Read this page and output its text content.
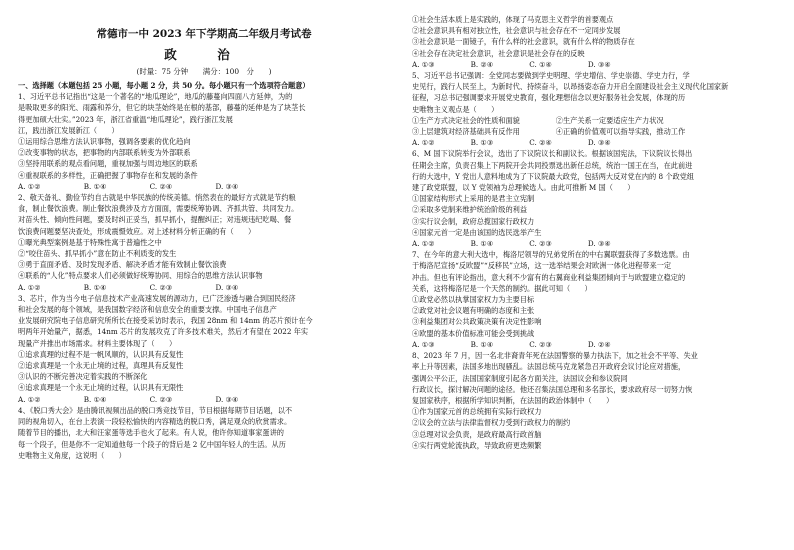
常德市一中 2023 年下学期高二年级月考试卷
政　治
(时量：75 分钟　　满分：100　分　　)
一、选择题（本题包括 25 小题，每小题 2 分，共 50 分。每小题只有一个选项符合题意）
1、习近平总书记指出“这是一个著名的“地瓜理论”，地瓜的藤蔓向四面八方延伸，为的
是吸取更多的阳光、雨露和养分，但它的块茎始终是在根的基部，藤蔓的延伸是为了块茎长
得更加硕大壮实。”2023 年，浙江省重温“地瓜理论”，践行浙江发展
江，践出浙江发展新江（　　）
①运用综合思维方法认识事物，强调各要素的优化趋向
②改变事物的状态，把事物的内部联系转变为外部联系
③坚持用联系的观点看问题，重视加强与周边地区的联系
④重视联系的多样性，正确把握了事物存在和发展的条件
A. ①②　　　　　　B. ①④　　　　　　C. ②④　　　　　　D. ③④
2、敬天备礼、勤俭节约自古就是中华民族的传统美德。悄然表在的最好方式就是节约粮
食，制止餐饮浪费。制止餐饮浪费涉及方方面面，需要统筹协调、齐抓共管、共同发力。
对苗头性、倾向性问题，要及时纠正妥当，抓早抓小，提醒纠正；对违规违纪吃喝、餐
饮浪费问题要坚决查处，形成震慑效应。对上述材料分析正确的有（　　）
①曝光典型案例是基于特殊性寓于普遍性之中
②“咬住苗头、抓早抓小”意在防止不利质变的发生
③勇于直面矛盾、及时发现矛盾、解决矛盾才能有效制止餐饮浪费
④联系的“人化”特点要求人们必须做好统筹协同、用综合的思维方法认识事物
A. ①②　　　　　　B. ①④　　　　　　C. ②③　　　　　　D. ③④
3、芯片，作为当今电子信息技术产业高速发展的源动力，已广泛渗透与融合到国民经济
和社会发展的每个领域，是我国数字经济和信息安全的重要支撑。中国电子信息产
业发展研究院电子信息研究所所长在接受采访时表示，我国 28nm 和 14nm 的芯片预计在今
明两年开始量产，据悉，14nm 芯片的发展攻克了许多技术难关，然后才有望在 2022 年实
现量产并推出市场需求。材料主要体现了（　　）
①追求真理的过程不是一帆风顺的，认识具有反复性
②追求真理是一个永无止境的过程，真理具有反复性
③认识的不断完善决定着实践的不断深化
④追求真理是一个永无止境的过程，认识具有无限性
A. ①②　　　　　　B. ①④　　　　　　C. ②③　　　　　　D. ③④
4、《脱口秀大会》是由腾讯视频出品的脱口秀竞技节目，节目根据每期节目话题，以不
同的视角切入，在台上表演一段轻松愉快的内容精选的脱口秀，满足观众的欣赏需求。
随着节目的播出，北大和汪家蛋等选手也火了起来。有人说，他许你知道事家蛋讲的
每一个段子，但是你不一定知道他每一个段子的背后是 2 亿中国年轻人的生活。从历
史唯物主义角度，这说明（　　）
①社会生活本质上是实践的，体现了马克思主义哲学的首要观点
②社会意识具有相对独立性，社会意识与社会存在不一定同步发展
③社会意识是一面镜子，有什么样的社会意识，就有什么样的物质存在
④社会存在决定社会意识，社会意识是社会存在的反映
A. ①③　　　　　B. ②④　　　　　C. ①④　　　　　D. ③④
5、习近平总书记强调：全党同志要做到学史明理、学史增信、学史崇德、学史力行，学
史见行，践行人民至上，为新时代、持续奋斗，以昂扬姿态奋力开启全面建设社会主义现代化国家新
征程，习总书记强调要求开展党史教育，强化理想信念以更好服务社会发展，体现的历
史唯物主义观点是（　　）
①生产方式决定社会的性质和面貌　　　　　②生产关系一定要适应生产力状况
③上层建筑对经济基础具有反作用　　　　　④正确的价值观可以指导实践，推动工作
A. ①②　　　　　B. ①③　　　　　C. ②④　　　　　D. ③④
6、M 国下议院举行会议，选出了下议院议长和副议长。根据该国宪法，下议院议长得出
任期会主席，负责召集上下两院开会共同投票选出新任总统，统治一国王在当，在此前进
行的大选中，Y 党出人意料地成为了下议院最大政党，包括两大反对党在内的 8 个政党组
建了政党联盟，以 Y 党领袖为总理候选人。由此可推断 M 国（　　）
①国家结构形式上采用的是君主立宪制
②采取多党制来维护统治阶级的利益
③实行议会制，政府总揽国家行政权力
④国家元首一定是由该国的选民选举产生
A. ①②　　　　　B. ①④　　　　　C. ②③　　　　　D. ③④
7、在今年的意大利大选中，梅洛尼领导的兄弟党所在的中右翼联盟获得了多数选票。由
于梅洛尼宣扬“反欧盟”“反移民”立场，这一选举结果会对欧洲一体化进程带来一定
冲击。但也有评论指出，意大利不少富有的右翼商业利益集团倾向于与欧盟建立稳定的
关系，这将梅洛尼是一个天然的制约。据此可知（　　）
①政党必然以执掌国家权力为主要目标
②政党对社会议题有明确的态度和主张
③利益集团对公共政策决策有决定性影响
④欧盟的基本价值标准可能会受到挑战
A. ①③　　　　　B. ①④　　　　　C. ②③　　　　　D. ②④
8、2023 年 7 月，因一名北非裔青年死在法国警察的暴力执法下，加之社会不平等、失业
率上升等因素，法国多地出现骚乱。法国总统马克龙紧急召开政府会议讨论应对措施，
强调公平公正，法国国家制度引起各方面关注，法国议会和参议院同
行政议长，探讨解决问题的途径。他还召集法国总理和多名部长，要求政府尽一切努力恢
复国家秩序，根据所学知识判断，在法国的政治体制中（　　）
①作为国家元首的总统拥有实际行政权力
②议会的立法与法律监督权力受到行政权力的制约
③总理对议会负责，是政府最高行政首脑
④实行两党轮流执政，导致政府更迭频繁
